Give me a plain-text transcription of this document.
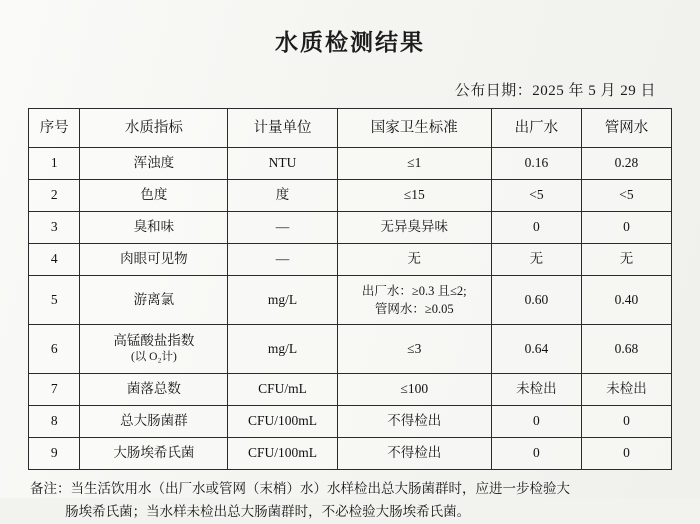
水质检测结果
公布日期：2025 年 5 月 29 日
序号	水质指标	计量单位	国家卫生标准	出厂水	管网水
1	浑浊度	NTU	≤1	0.16	0.28
2	色度	度	≤15	<5	<5
3	臭和味	—	无异臭异味	0	0
4	肉眼可见物	—	无	无	无
5	游离氯	mg/L	出厂水：≥0.3 且≤2;
管网水：≥0.05	0.60	0.40
6	高锰酸盐指数
(以 O₂计)	mg/L	≤3	0.64	0.68
7	菌落总数	CFU/mL	≤100	未检出	未检出
8	总大肠菌群	CFU/100mL	不得检出	0	0
9	大肠埃希氏菌	CFU/100mL	不得检出	0	0
备注：当生活饮用水（出厂水或管网（末梢）水）水样检出总大肠菌群时，应进一步检验大
肠埃希氏菌；当水样未检出总大肠菌群时，不必检验大肠埃希氏菌。
